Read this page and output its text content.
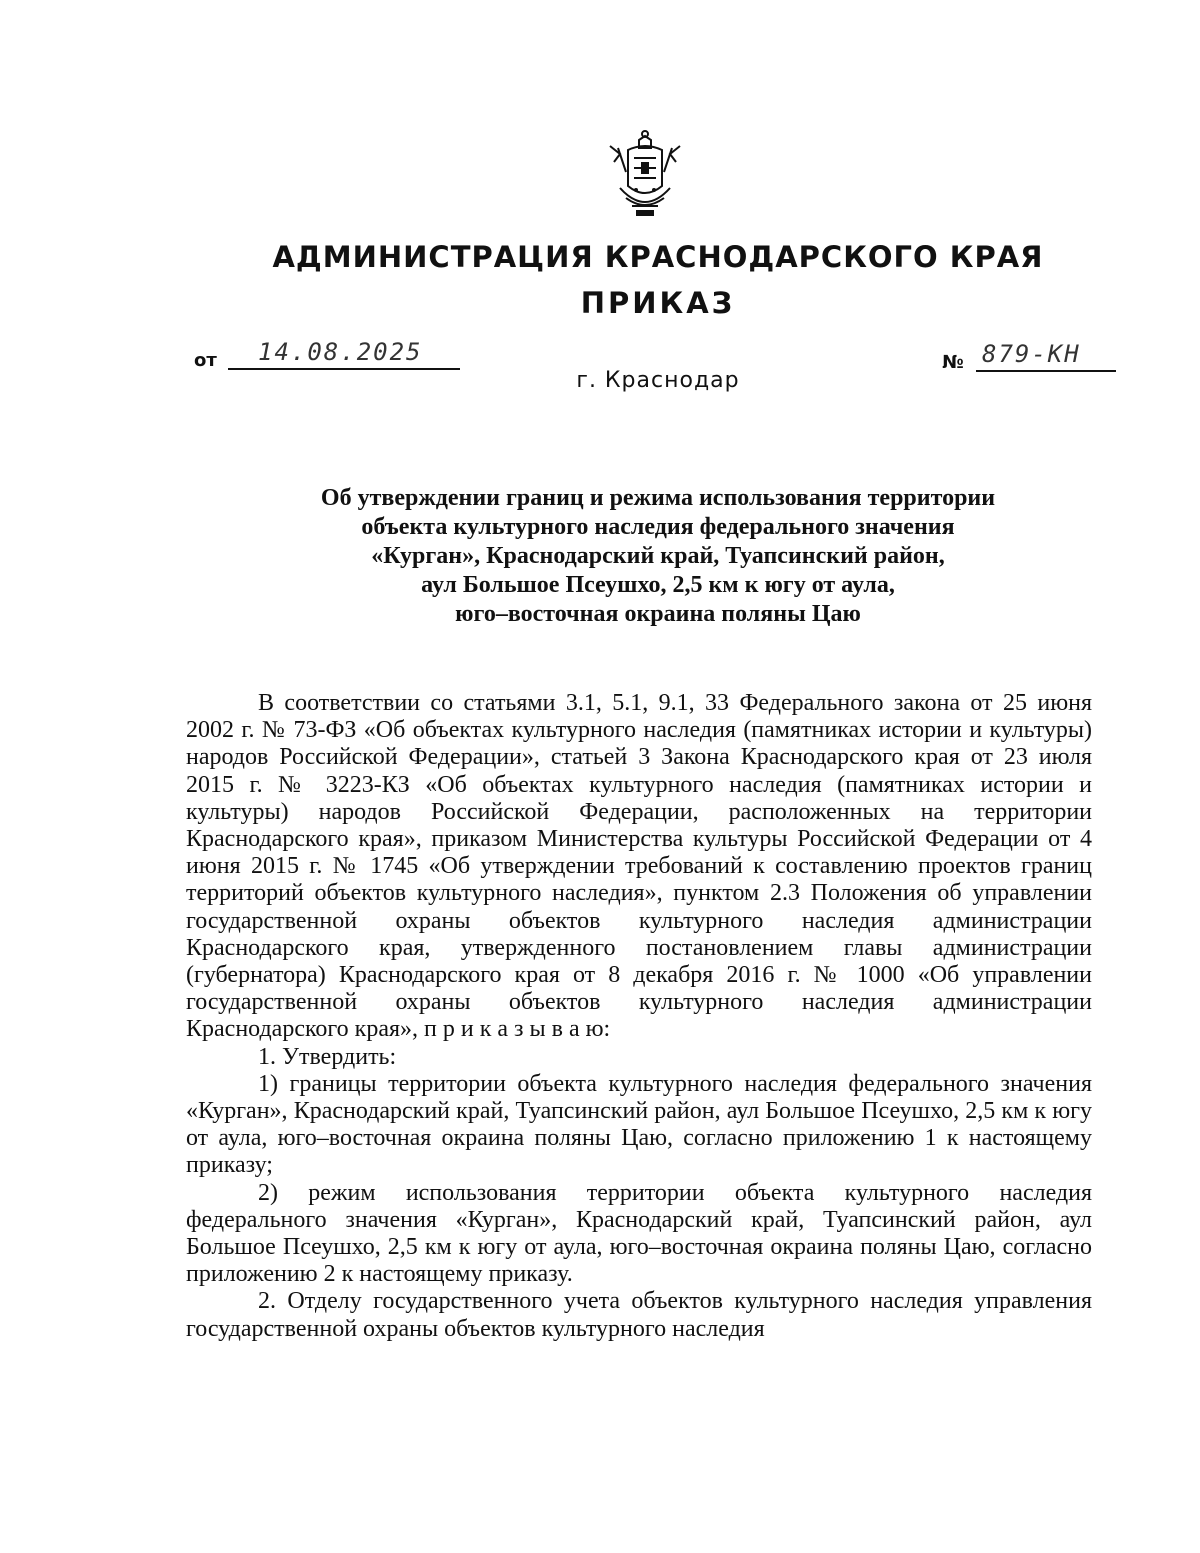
АДМИНИСТРАЦИЯ КРАСНОДАРСКОГО КРАЯ
ПРИКАЗ
от	14.08.2025	№ 879-КН
г. Краснодар
Об утверждении границ и режима использования территории
объекта культурного наследия федерального значения
«Курган», Краснодарский край, Туапсинский район,
аул Большое Псеушхо, 2,5 км к югу от аула,
юго–восточная окраина поляны Цаю

В соответствии со статьями 3.1, 5.1, 9.1, 33 Федерального закона от 25 июня 2002 г. № 73-ФЗ «Об объектах культурного наследия (памятниках истории и культуры) народов Российской Федерации», статьей 3 Закона Краснодарского края от 23 июля 2015 г. № 3223-КЗ «Об объектах культурного наследия (памятниках истории и культуры) народов Российской Федерации, расположенных на территории Краснодарского края», приказом Министерства культуры Российской Федерации от 4 июня 2015 г. № 1745 «Об утверждении требований к составлению проектов границ территорий объектов культурного наследия», пунктом 2.3 Положения об управлении государственной охраны объектов культурного наследия администрации Краснодарского края, утвержденного постановлением главы администрации (губернатора) Краснодарского края от 8 декабря 2016 г. № 1000 «Об управлении государственной охраны объектов культурного наследия администрации Краснодарского края», п р и к а з ы в а ю:

1. Утвердить:

1) границы территории объекта культурного наследия федерального значения «Курган», Краснодарский край, Туапсинский район, аул Большое Псеушхо, 2,5 км к югу от аула, юго–восточная окраина поляны Цаю, согласно приложению 1 к настоящему приказу;

2) режим использования территории объекта культурного наследия федерального значения «Курган», Краснодарский край, Туапсинский район, аул Большое Псеушхо, 2,5 км к югу от аула, юго–восточная окраина поляны Цаю, согласно приложению 2 к настоящему приказу.

2. Отделу государственного учета объектов культурного наследия управления государственной охраны объектов культурного наследия
